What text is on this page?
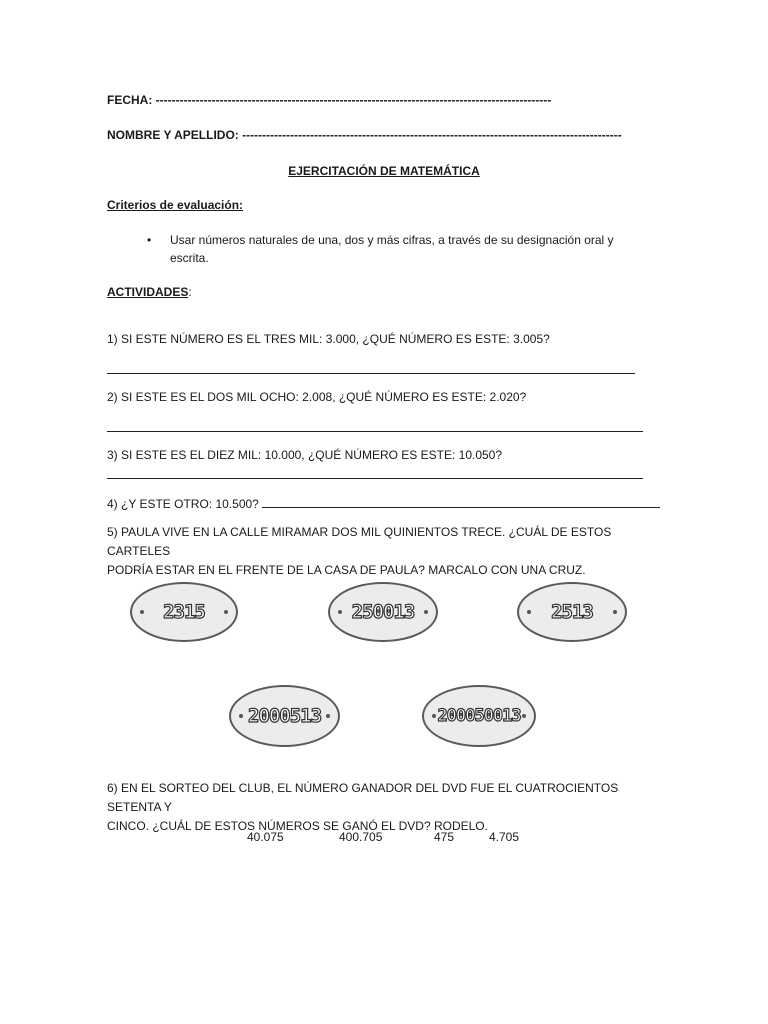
FECHA: ---------------------------------------------------------------------------------------------------
NOMBRE Y APELLIDO: -----------------------------------------------------------------------------------------------
EJERCITACIÓN DE MATEMÁTICA
Criterios de evaluación:
• Usar números naturales de una, dos y más cifras, a través de su designación oral y
escrita.
ACTIVIDADES:
1) SI ESTE NÚMERO ES EL TRES MIL: 3.000, ¿QUÉ NÚMERO ES ESTE: 3.005?
2) SI ESTE ES EL DOS MIL OCHO: 2.008, ¿QUÉ NÚMERO ES ESTE: 2.020?
3) SI ESTE ES EL DIEZ MIL: 10.000, ¿QUÉ NÚMERO ES ESTE: 10.050?
4) ¿Y ESTE OTRO: 10.500?
5) PAULA VIVE EN LA CALLE MIRAMAR DOS MIL QUINIENTOS TRECE. ¿CUÁL DE ESTOS CARTELES
PODRÍA ESTAR EN EL FRENTE DE LA CASA DE PAULA? MARCALO CON UNA CRUZ.
2315	250013	2513
2000513	200050013
6) EN EL SORTEO DEL CLUB, EL NÚMERO GANADOR DEL DVD FUE EL CUATROCIENTOS SETENTA Y
CINCO. ¿CUÁL DE ESTOS NÚMEROS SE GANÓ EL DVD? RODELO.
40.075	400.705	475	4.705
